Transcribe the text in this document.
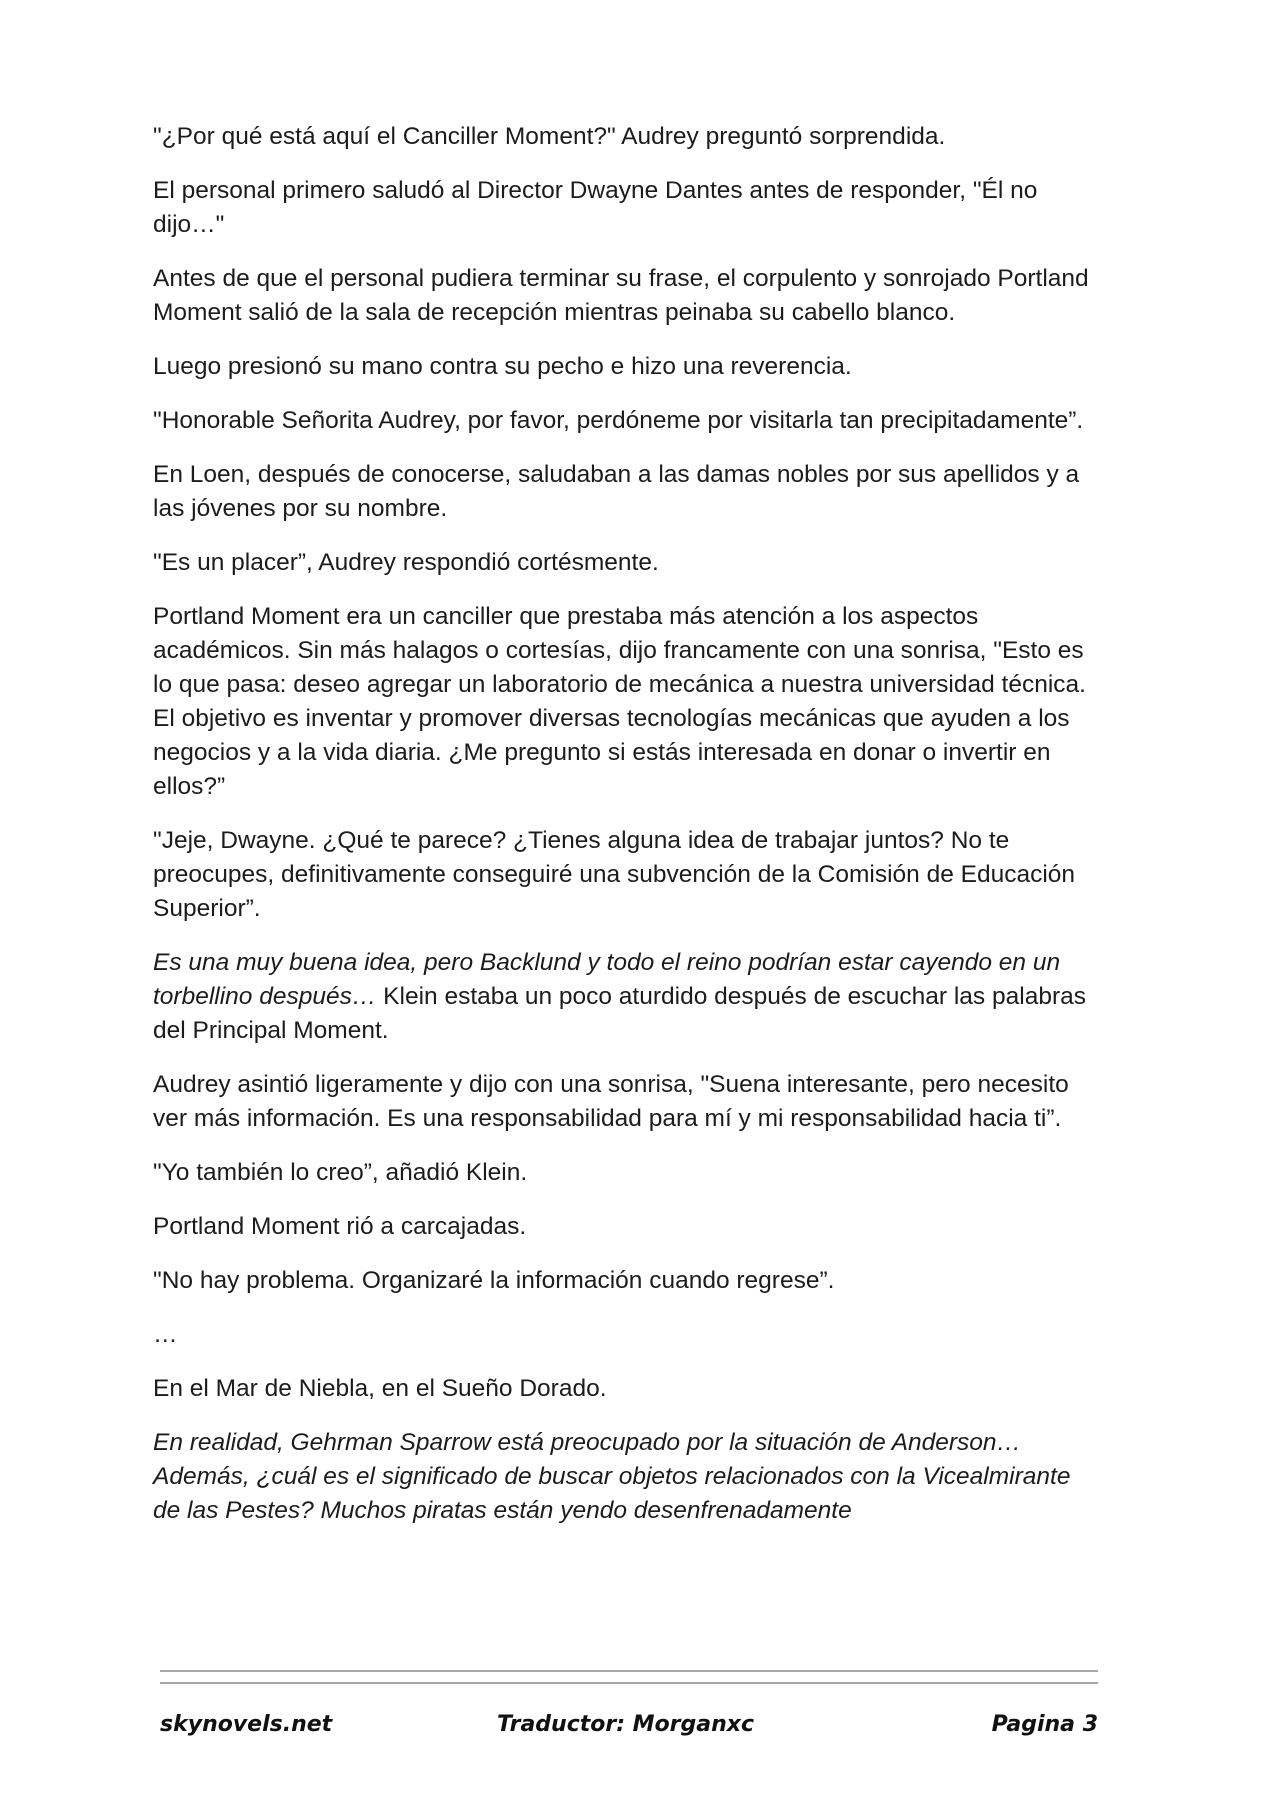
"¿Por qué está aquí el Canciller Moment?" Audrey preguntó sorprendida.

El personal primero saludó al Director Dwayne Dantes antes de responder, "Él no dijo…"

Antes de que el personal pudiera terminar su frase, el corpulento y sonrojado Portland Moment salió de la sala de recepción mientras peinaba su cabello blanco.

Luego presionó su mano contra su pecho e hizo una reverencia.

"Honorable Señorita Audrey, por favor, perdóneme por visitarla tan precipitadamente”.

En Loen, después de conocerse, saludaban a las damas nobles por sus apellidos y a las jóvenes por su nombre.

"Es un placer”, Audrey respondió cortésmente.

Portland Moment era un canciller que prestaba más atención a los aspectos académicos. Sin más halagos o cortesías, dijo francamente con una sonrisa, "Esto es lo que pasa: deseo agregar un laboratorio de mecánica a nuestra universidad técnica. El objetivo es inventar y promover diversas tecnologías mecánicas que ayuden a los negocios y a la vida diaria. ¿Me pregunto si estás interesada en donar o invertir en ellos?”

"Jeje, Dwayne. ¿Qué te parece? ¿Tienes alguna idea de trabajar juntos? No te preocupes, definitivamente conseguiré una subvención de la Comisión de Educación Superior”.

Es una muy buena idea, pero Backlund y todo el reino podrían estar cayendo en un torbellino después… Klein estaba un poco aturdido después de escuchar las palabras del Principal Moment.

Audrey asintió ligeramente y dijo con una sonrisa, "Suena interesante, pero necesito ver más información. Es una responsabilidad para mí y mi responsabilidad hacia ti”.

"Yo también lo creo”, añadió Klein.

Portland Moment rió a carcajadas.

"No hay problema. Organizaré la información cuando regrese”.

…

En el Mar de Niebla, en el Sueño Dorado.

En realidad, Gehrman Sparrow está preocupado por la situación de Anderson… Además, ¿cuál es el significado de buscar objetos relacionados con la Vicealmirante de las Pestes? Muchos piratas están yendo desenfrenadamente

skynovels.net	Traductor: Morganxc	Pagina 3
